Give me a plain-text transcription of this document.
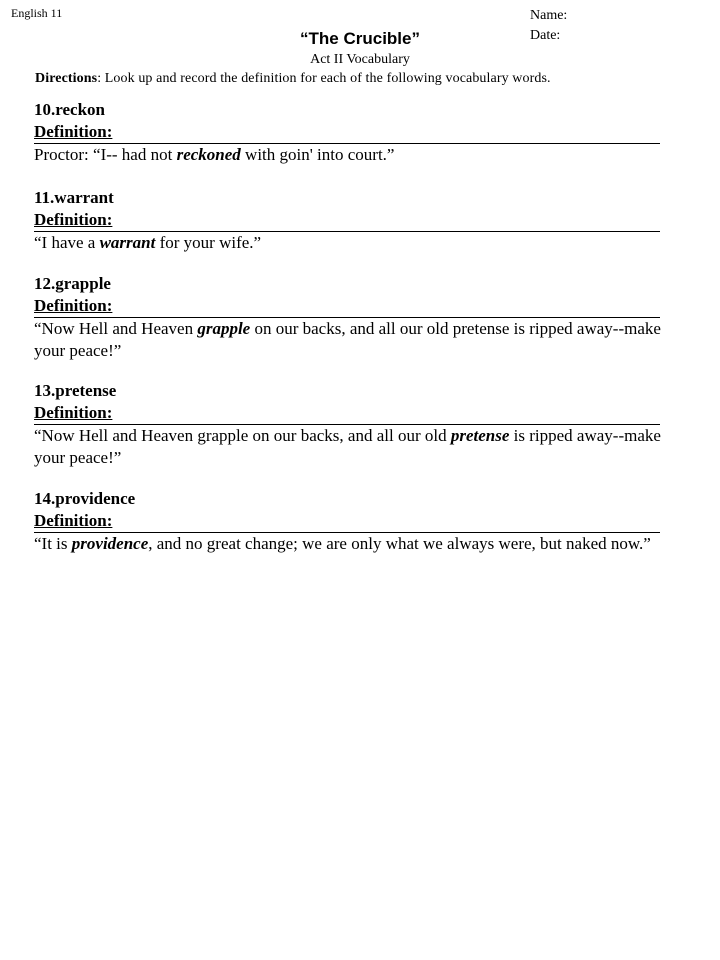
English 11	Name:
Date:
“The Crucible”
Act II Vocabulary
Directions: Look up and record the definition for each of the following vocabulary words.
10.reckon
Definition:
Proctor: “I-- had not reckoned with goin' into court.”
11.warrant
Definition:
“I have a warrant for your wife.”
12.grapple
Definition:
“Now Hell and Heaven grapple on our backs, and all our old pretense is ripped away--make your peace!”
13.pretense
Definition:
“Now Hell and Heaven grapple on our backs, and all our old pretense is ripped away--make your peace!”
14.providence
Definition:
“It is providence, and no great change; we are only what we always were, but naked now.”
